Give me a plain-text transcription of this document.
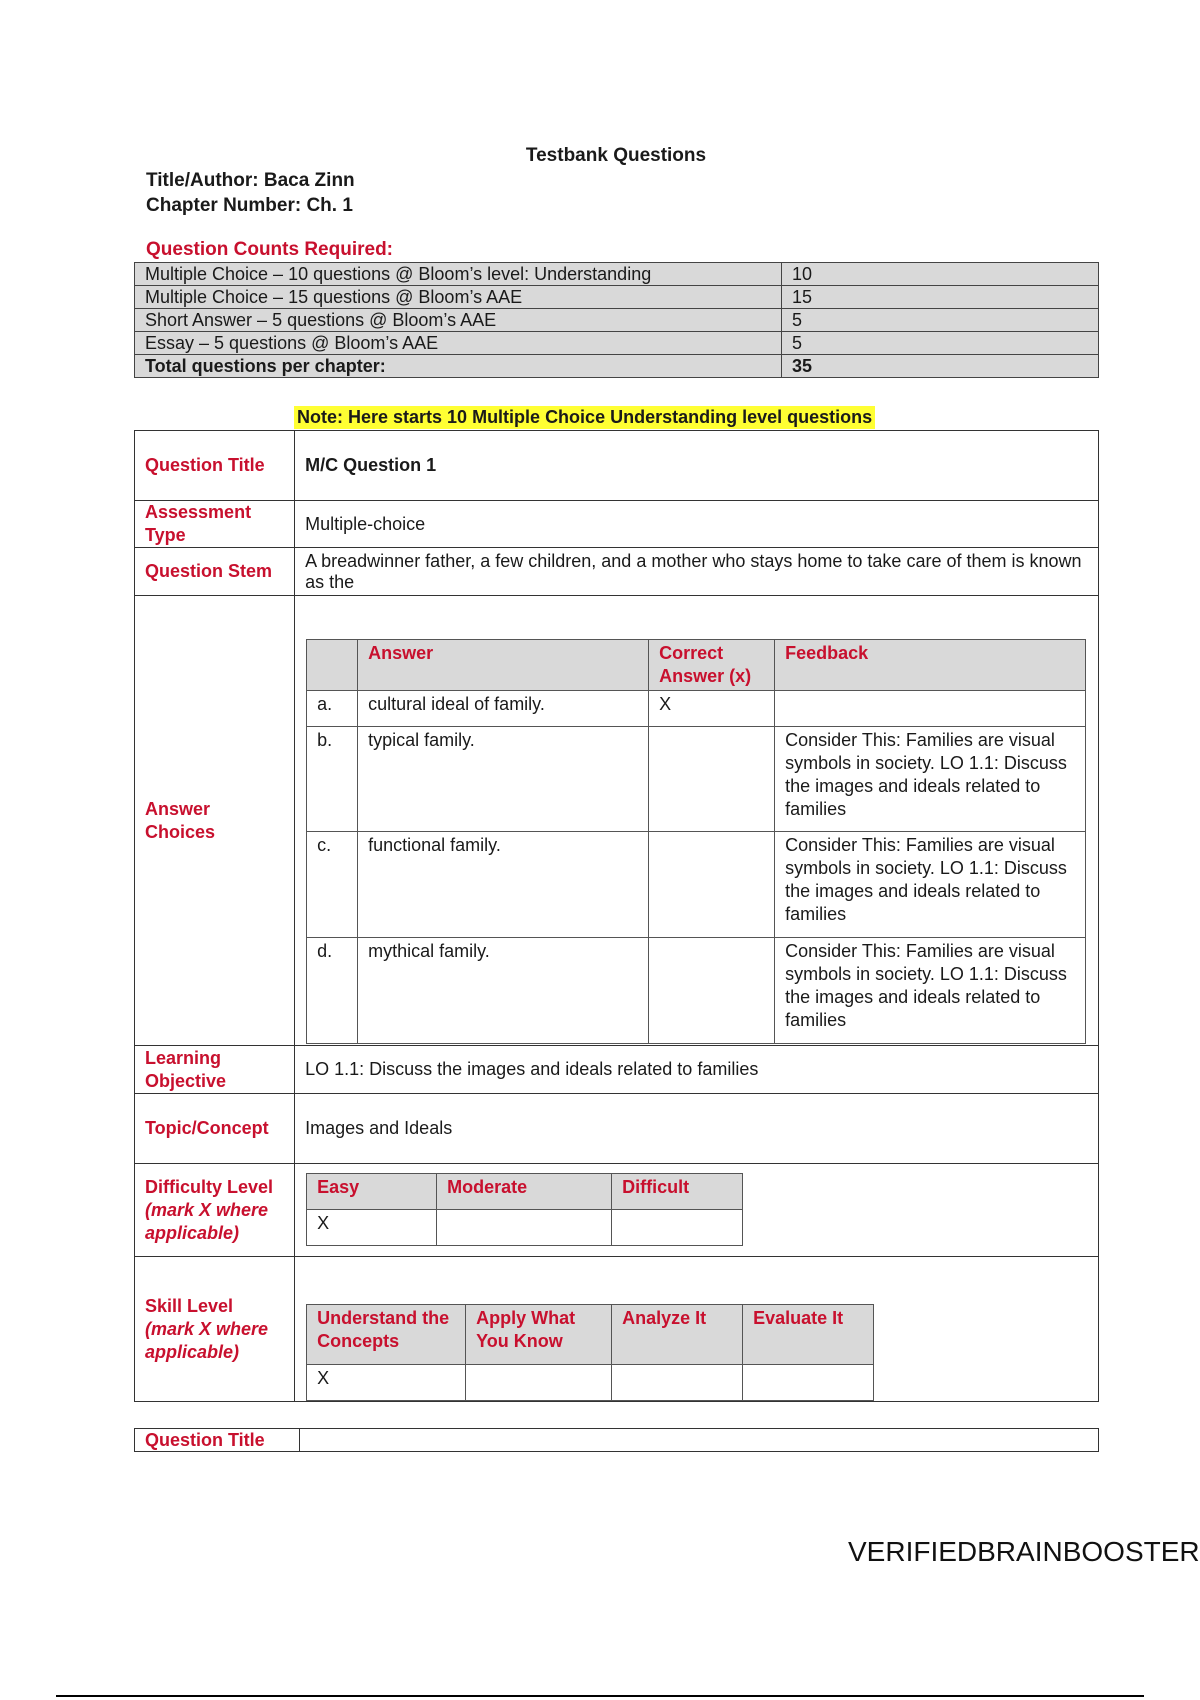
Testbank Questions
Title/Author: Baca Zinn
Chapter Number: Ch. 1
Question Counts Required:
Multiple Choice – 10 questions @ Bloom’s level: Understanding	10
Multiple Choice – 15 questions @ Bloom’s AAE	15
Short Answer – 5 questions @ Bloom’s AAE	5
Essay – 5 questions @ Bloom’s AAE	5
Total questions per chapter:	35
Note: Here starts 10 Multiple Choice Understanding level questions
Question Title	M/C Question 1
Assessment Type	Multiple-choice
Question Stem	A breadwinner father, a few children, and a mother who stays home to take care of them is known as the
Answer Choices	
	Answer	Correct Answer (x)	Feedback
a.	cultural ideal of family.	X	
b.	typical family.		Consider This: Families are visual symbols in society. LO 1.1: Discuss the images and ideals related to families
c.	functional family.		Consider This: Families are visual symbols in society. LO 1.1: Discuss the images and ideals related to families
d.	mythical family.		Consider This: Families are visual symbols in society. LO 1.1: Discuss the images and ideals related to families

Learning Objective	LO 1.1: Discuss the images and ideals related to families
Topic/Concept	Images and Ideals

Difficulty Level
(mark X where applicable)

Easy	Moderate	Difficult
X		

Skill Level
(mark X where applicable)

Understand the Concepts	Apply What You Know	Analyze It	Evaluate It
X			
Question Title	
VERIFIEDBRAINBOOSTER
